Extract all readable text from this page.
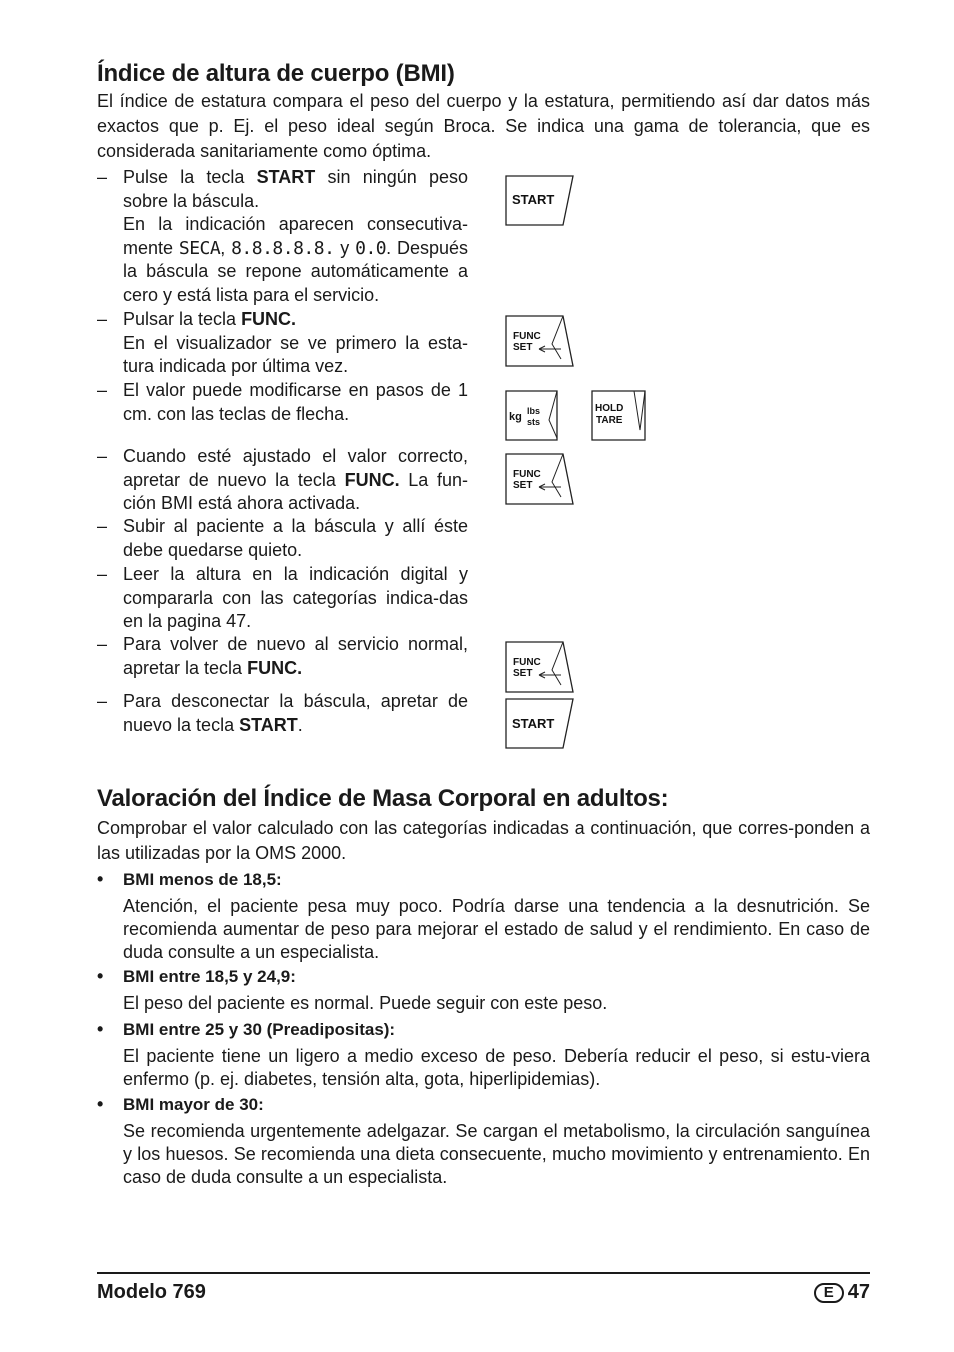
Índice de altura de cuerpo (BMI)

El índice de estatura compara el peso del cuerpo y la estatura, permitiendo así dar datos más exactos que p. Ej. el peso ideal según Broca. Se indica una gama de tolerancia, que es considerada sanitariamente como óptima.

– Pulse la tecla START sin ningún peso sobre la báscula.

En la indicación aparecen consecutiva-mente SECA, 8.8.8.8.8. y 0.0. Después la báscula se repone automáticamente a cero y está lista para el servicio.

– Pulsar la tecla FUNC.

En el visualizador se ve primero la esta-tura indicada por última vez.

– El valor puede modificarse en pasos de 1 cm. con las teclas de flecha.

– Cuando esté ajustado el valor correcto, apretar de nuevo la tecla FUNC. La fun-ción BMI está ahora activada.

– Subir al paciente a la báscula y allí éste debe quedarse quieto.

– Leer la altura en la indicación digital y compararla con las categorías indica-das en la pagina 47.

– Para volver de nuevo al servicio normal, apretar la tecla FUNC.

– Para desconectar la báscula, apretar de nuevo la tecla START.

START
FUNC
SET
kg lbs
sts
HOLD
TARE
FUNC
SET
FUNC
SET
START
Valoración del Índice de Masa Corporal en adultos:

Comprobar el valor calculado con las categorías indicadas a continuación, que corres-ponden a las utilizadas por la OMS 2000.

• BMI menos de 18,5:

Atención, el paciente pesa muy poco. Podría darse una tendencia a la desnutrición. Se recomienda aumentar de peso para mejorar el estado de salud y el rendimiento. En caso de duda consulte a un especialista.

• BMI entre 18,5 y 24,9:

El peso del paciente es normal. Puede seguir con este peso.

• BMI entre 25 y 30 (Preadipositas):

El paciente tiene un ligero a medio exceso de peso. Debería reducir el peso, si estu-viera enfermo (p. ej. diabetes, tensión alta, gota, hiperlipidemias).

• BMI mayor de 30:

Se recomienda urgentemente adelgazar. Se cargan el metabolismo, la circulación sanguínea y los huesos. Se recomienda una dieta consecuente, mucho movimiento y entrenamiento. En caso de duda consulte a un especialista.

Modelo 769	E 47
